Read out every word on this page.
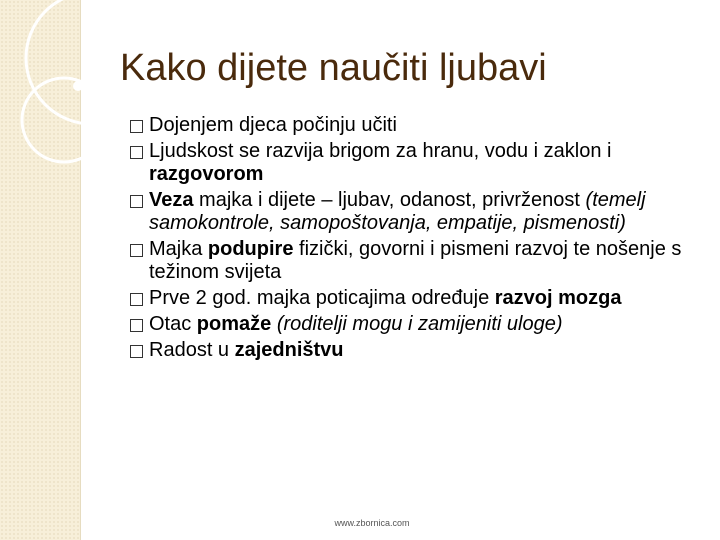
Kako dijete naučiti ljubavi
Dojenjem djeca počinju učiti
Ljudskost se razvija brigom za hranu, vodu i zaklon i razgovorom
Veza majka i dijete – ljubav, odanost, privrženost (temelj samokontrole, samopoštovanja, empatije, pismenosti)
Majka podupire fizički, govorni i pismeni razvoj te nošenje s težinom svijeta
Prve 2 god. majka poticajima određuje razvoj mozga
Otac pomaže (roditelji mogu i zamijeniti uloge)
Radost u zajedništvu
www.zbornica.com
